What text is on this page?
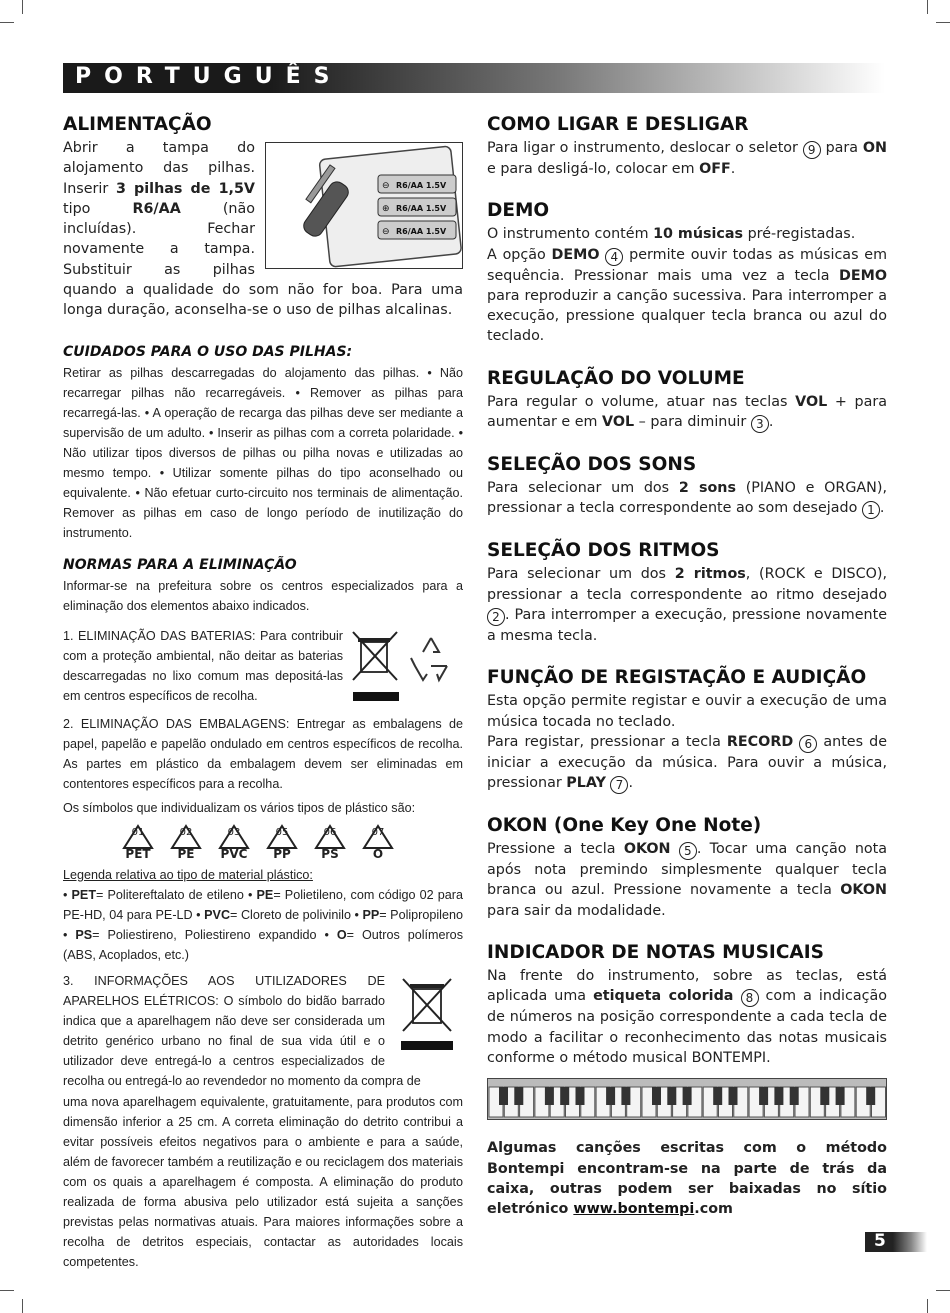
PORTUGUÊS
ALIMENTAÇÃO
R6/AA 1.5V
R6/AA 1.5V
R6/AA 1.5V
⊖
⊕
⊖

Abrir a tampa do alojamento das pilhas. Inserir 3 pilhas de 1,5V tipo R6/AA (não incluídas). Fechar novamente a tampa. Substituir as pilhas quando a qualidade do som não for boa. Para uma longa duração, aconselha-se o uso de pilhas alcalinas.

CUIDADOS PARA O USO DAS PILHAS:

Retirar as pilhas descarregadas do alojamento das pilhas. • Não recarregar pilhas não recarregáveis. • Remover as pilhas para recarregá-las. • A operação de recarga das pilhas deve ser mediante a supervisão de um adulto. • Inserir as pilhas com a correta polaridade. • Não utilizar tipos diversos de pilhas ou pilha novas e utilizadas ao mesmo tempo. • Utilizar somente pilhas do tipo aconselhado ou equivalente. • Não efetuar curto-circuito nos terminais de alimentação. Remover as pilhas em caso de longo período de inutilização do instrumento.

NORMAS PARA A ELIMINAÇÃO

Informar-se na prefeitura sobre os centros especializados para a eliminação dos elementos abaixo indicados.

1. ELIMINAÇÃO DAS BATERIAS: Para contribuir com a proteção ambiental, não deitar as baterias descarregadas no lixo comum mas depositá-las em centros específicos de recolha.

2. ELIMINAÇÃO DAS EMBALAGENS: Entregar as embalagens de papel, papelão e papelão ondulado em centros específicos de recolha. As partes em plástico da embalagem devem ser eliminadas em contentores específicos para a recolha.

Os símbolos que individualizam os vários tipos de plástico são:

01
PET
02
PE
03
PVC
05
PP
06
PS
07
O

Legenda relativa ao tipo de material plástico:

• PET= Politereftalato de etileno • PE= Polietileno, com código 02 para PE-HD, 04 para PE-LD • PVC= Cloreto de polivinilo • PP= Polipropileno • PS= Poliestireno, Poliestireno expandido • O= Outros polímeros (ABS, Acoplados, etc.)

3. INFORMAÇÕES AOS UTILIZADORES DE APARELHOS ELÉTRICOS: O símbolo do bidão barrado indica que a aparelhagem não deve ser considerada um detrito genérico urbano no final de sua vida útil e o utilizador deve entregá-lo a centros especializados de recolha ou entregá-lo ao revendedor no momento da compra de

uma nova aparelhagem equivalente, gratuitamente, para produtos com dimensão inferior a 25 cm. A correta eliminação do detrito contribui a evitar possíveis efeitos negativos para o ambiente e para a saúde, além de favorecer também a reutilização e ou reciclagem dos materiais com os quais a aparelhagem é composta. A eliminação do produto realizada de forma abusiva pelo utilizador está sujeita a sanções previstas pelas normativas atuais. Para maiores informações sobre a recolha de detritos especiais, contactar as autoridades locais competentes.

COMO LIGAR E DESLIGAR

Para ligar o instrumento, deslocar o seletor 9 para ON e para desligá-lo, colocar em OFF.

DEMO

O instrumento contém 10 músicas pré-registadas.
A opção DEMO 4 permite ouvir todas as músicas em sequência. Pressionar mais uma vez a tecla DEMO para reproduzir a canção sucessiva. Para interromper a execução, pressione qualquer tecla branca ou azul do teclado.

REGULAÇÃO DO VOLUME

Para regular o volume, atuar nas teclas VOL + para aumentar e em VOL – para diminuir 3 .

SELEÇÃO DOS SONS

Para selecionar um dos 2 sons (PIANO e ORGAN), pressionar a tecla correspondente ao som desejado 1 .

SELEÇÃO DOS RITMOS

Para selecionar um dos 2 ritmos, (ROCK e DISCO), pressionar a tecla correspondente ao ritmo desejado 2 . Para interromper a execução, pressione novamente a mesma tecla.

FUNÇÃO DE REGISTAÇÃO E AUDIÇÃO

Esta opção permite registar e ouvir a execução de uma música tocada no teclado.
Para registar, pressionar a tecla RECORD 6 antes de iniciar a execução da música. Para ouvir a música, pressionar PLAY 7 .

OKON (One Key One Note)

Pressione a tecla OKON 5 . Tocar uma canção nota após nota premindo simplesmente qualquer tecla branca ou azul. Pressione novamente a tecla OKON para sair da modalidade.

INDICADOR DE NOTAS MUSICAIS

Na frente do instrumento, sobre as teclas, está aplicada uma etiqueta colorida 8 com a indicação de números na posição correspondente a cada tecla de modo a facilitar o reconhecimento das notas musicais conforme o método musical BONTEMPI.

Algumas canções escritas com o método Bontempi encontram-se na parte de trás da caixa, outras podem ser baixadas no sítio eletrónico www.bontempi.com

5
